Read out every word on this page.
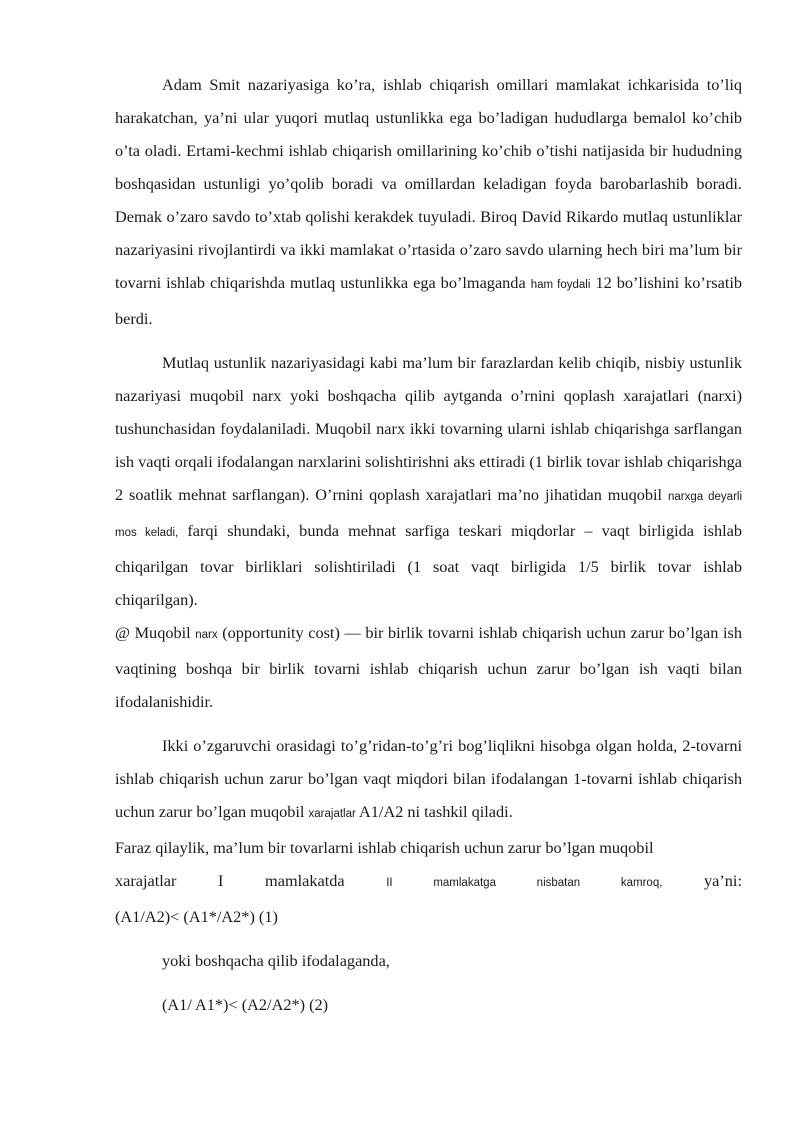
Adam Smit nazariyasiga ko’ra, ishlab chiqarish omillari mamlakat ichkarisida to’liq harakatchan, ya’ni ular yuqori mutlaq ustunlikka ega bo’ladigan hududlarga bemalol ko’chib o’ta oladi. Ertami-kechmi ishlab chiqarish omillarining ko’chib o’tishi natijasida bir hududning boshqasidan ustunligi yo’qolib boradi va omillardan keladigan foyda barobarlashib boradi. Demak o’zaro savdo to’xtab qolishi kerakdek tuyuladi. Biroq David Rikardo mutlaq ustunliklar nazariyasini rivojlantirdi va ikki mamlakat o’rtasida o’zaro savdo ularning hech biri ma’lum bir tovarni ishlab chiqarishda mutlaq ustunlikka ega bo’lmaganda ham foydali 12 bo’lishini ko’rsatib berdi.

Mutlaq ustunlik nazariyasidagi kabi ma’lum bir farazlardan kelib chiqib, nisbiy ustunlik nazariyasi muqobil narx yoki boshqacha qilib aytganda o’rnini qoplash xarajatlari (narxi) tushunchasidan foydalaniladi. Muqobil narx ikki tovarning ularni ishlab chiqarishga sarflangan ish vaqti orqali ifodalangan narxlarini solishtirishni aks ettiradi (1 birlik tovar ishlab chiqarishga 2 soatlik mehnat sarflangan). O’rnini qoplash xarajatlari ma’no jihatidan muqobil narxga deyarli mos keladi, farqi shundaki, bunda mehnat sarfiga teskari miqdorlar – vaqt birligida ishlab chiqarilgan tovar birliklari solishtiriladi (1 soat vaqt birligida 1/5 birlik tovar ishlab chiqarilgan).

@ Muqobil narx (opportunity cost) — bir birlik tovarni ishlab chiqarish uchun zarur bo’lgan ish vaqtining boshqa bir birlik tovarni ishlab chiqarish uchun zarur bo’lgan ish vaqti bilan ifodalanishidir.

Ikki o’zgaruvchi orasidagi to’g’ridan-to’g’ri bog’liqlikni hisobga olgan holda, 2-tovarni ishlab chiqarish uchun zarur bo’lgan vaqt miqdori bilan ifodalangan 1-tovarni ishlab chiqarish uchun zarur bo’lgan muqobil xarajatlar A1/A2 ni tashkil qiladi.

Faraz qilaylik, ma’lum bir tovarlarni ishlab chiqarish uchun zarur bo’lgan muqobil

xarajatlar I mamlakatda	II mamlakatga nisbatan kamroq,	ya’ni:

(A1/A2)< (A1*/A2*) (1)

yoki boshqacha qilib ifodalaganda,

(A1/ A1*)< (A2/A2*) (2)
